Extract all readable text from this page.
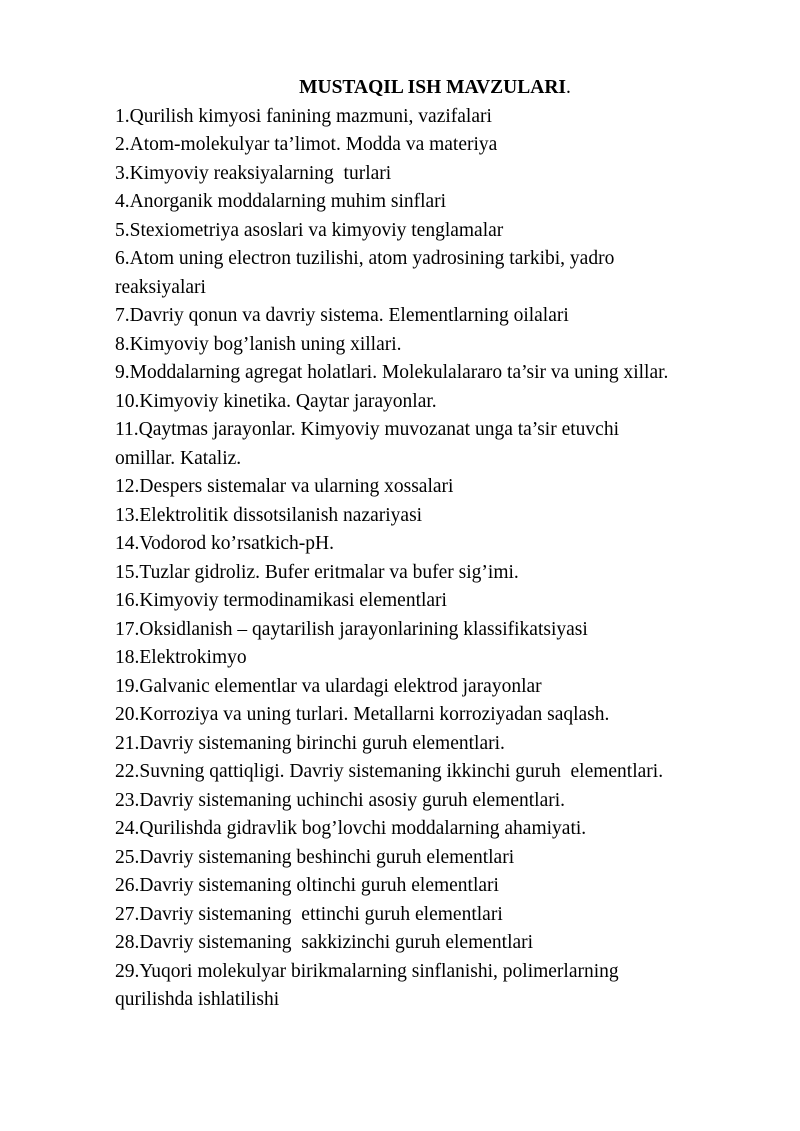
MUSTAQIL ISH MAVZULARI.
1.Qurilish kimyosi fanining mazmuni, vazifalari
2.Atom-molekulyar ta’limot. Modda va materiya
3.Kimyoviy reaksiyalarning  turlari
4.Anorganik moddalarning muhim sinflari
5.Stexiometriya asoslari va kimyoviy tenglamalar
6.Atom uning electron tuzilishi, atom yadrosining tarkibi, yadro
reaksiyalari
7.Davriy qonun va davriy sistema. Elementlarning oilalari
8.Kimyoviy bog’lanish uning xillari.
9.Moddalarning agregat holatlari. Molekulalararo ta’sir va uning xillar.
10.Kimyoviy kinetika. Qaytar jarayonlar.
11.Qaytmas jarayonlar. Kimyoviy muvozanat unga ta’sir etuvchi
omillar. Kataliz.
12.Despers sistemalar va ularning xossalari
13.Elektrolitik dissotsilanish nazariyasi
14.Vodorod ko’rsatkich-pH.
15.Tuzlar gidroliz. Bufer eritmalar va bufer sig’imi.
16.Kimyoviy termodinamikasi elementlari
17.Oksidlanish – qaytarilish jarayonlarining klassifikatsiyasi
18.Elektrokimyo
19.Galvanic elementlar va ulardagi elektrod jarayonlar
20.Korroziya va uning turlari. Metallarni korroziyadan saqlash.
21.Davriy sistemaning birinchi guruh elementlari.
22.Suvning qattiqligi. Davriy sistemaning ikkinchi guruh  elementlari.
23.Davriy sistemaning uchinchi asosiy guruh elementlari.
24.Qurilishda gidravlik bog’lovchi moddalarning ahamiyati.
25.Davriy sistemaning beshinchi guruh elementlari
26.Davriy sistemaning oltinchi guruh elementlari
27.Davriy sistemaning  ettinchi guruh elementlari
28.Davriy sistemaning  sakkizinchi guruh elementlari
29.Yuqori molekulyar birikmalarning sinflanishi, polimerlarning
qurilishda ishlatilishi
